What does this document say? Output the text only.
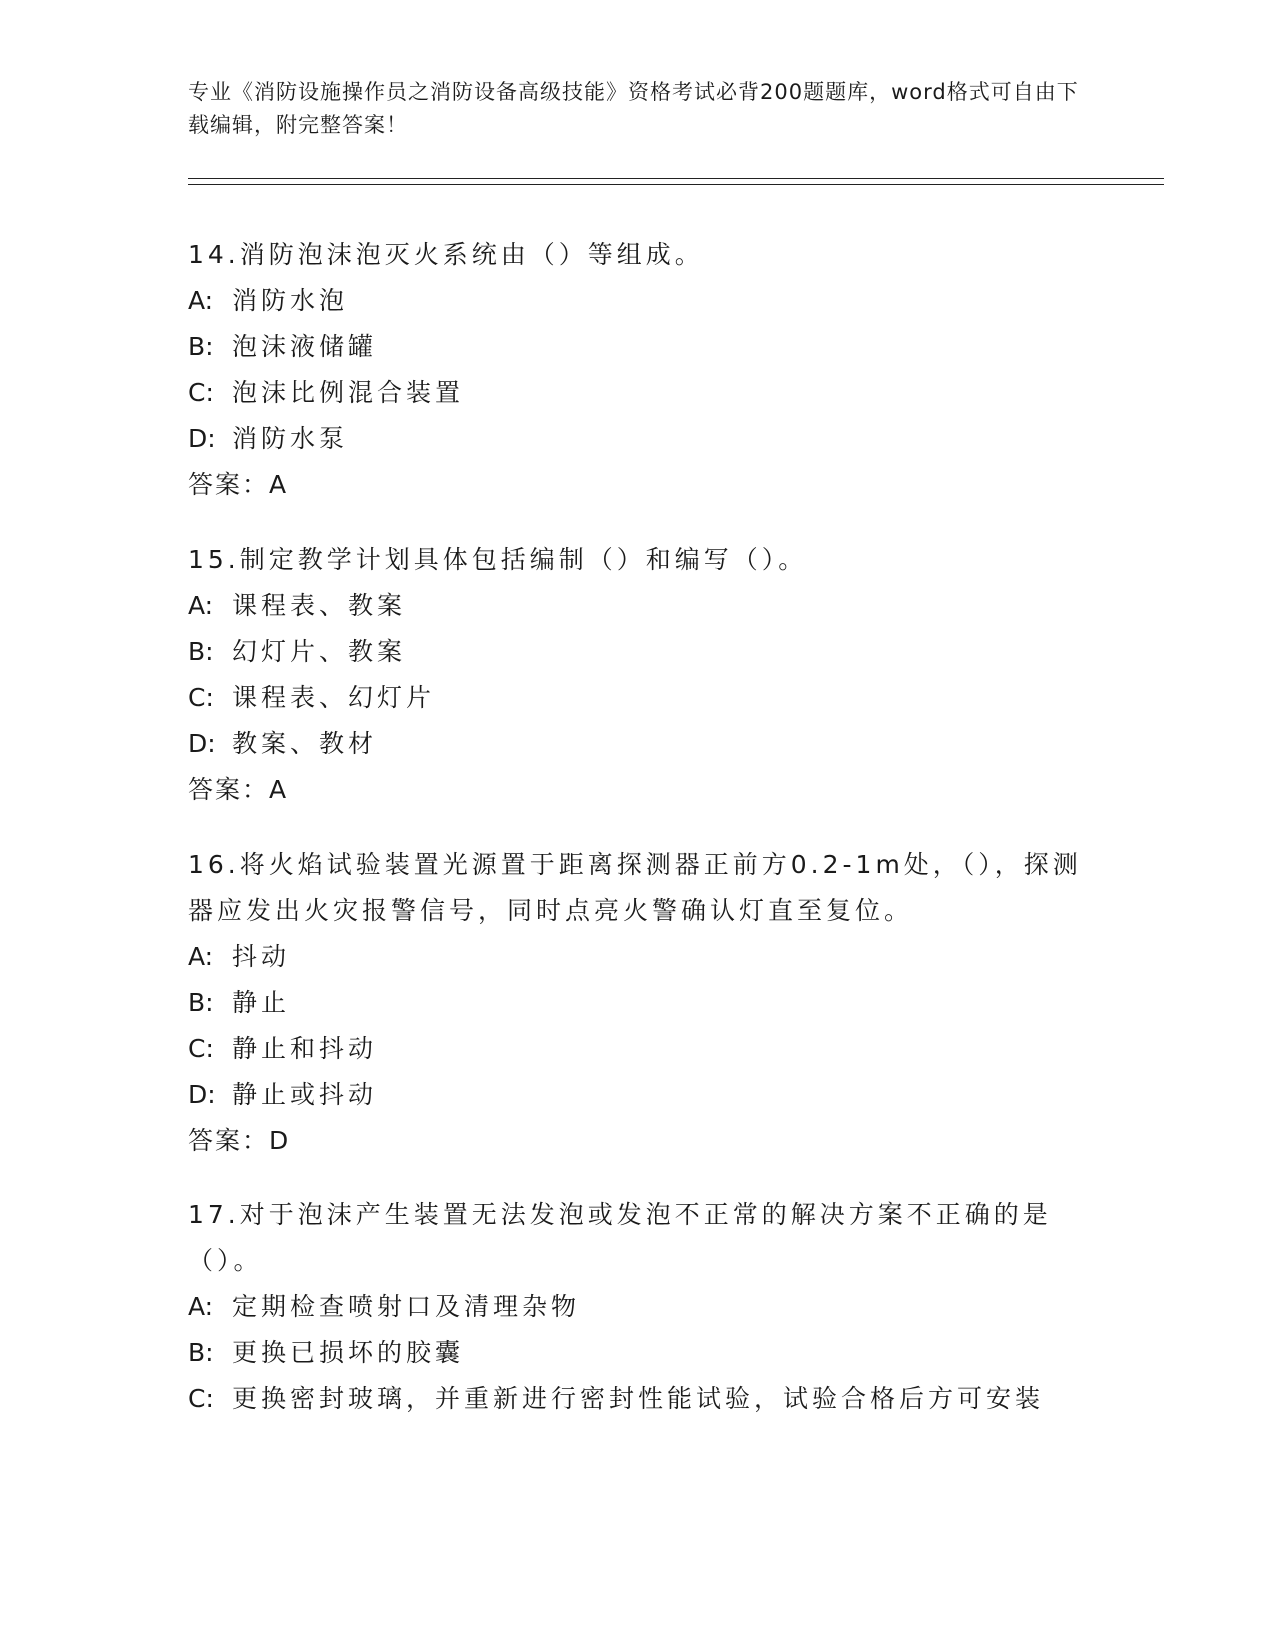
专业《消防设施操作员之消防设备高级技能》资格考试必背200题题库，word格式可自由下载编辑，附完整答案！

14.消防泡沫泡灭火系统由（）等组成。

A: 消防水泡
B: 泡沫液储罐
C: 泡沫比例混合装置
D: 消防水泵
答案：A

15.制定教学计划具体包括编制（）和编写（）。

A: 课程表、教案
B: 幻灯片、教案
C: 课程表、幻灯片
D: 教案、教材
答案：A

16.将火焰试验装置光源置于距离探测器正前方0.2-1m处，（），探测器应发出火灾报警信号，同时点亮火警确认灯直至复位。

A: 抖动
B: 静止
C: 静止和抖动
D: 静止或抖动
答案：D

17.对于泡沫产生装置无法发泡或发泡不正常的解决方案不正确的是（）。

A: 定期检查喷射口及清理杂物
B: 更换已损坏的胶囊
C: 更换密封玻璃，并重新进行密封性能试验，试验合格后方可安装
